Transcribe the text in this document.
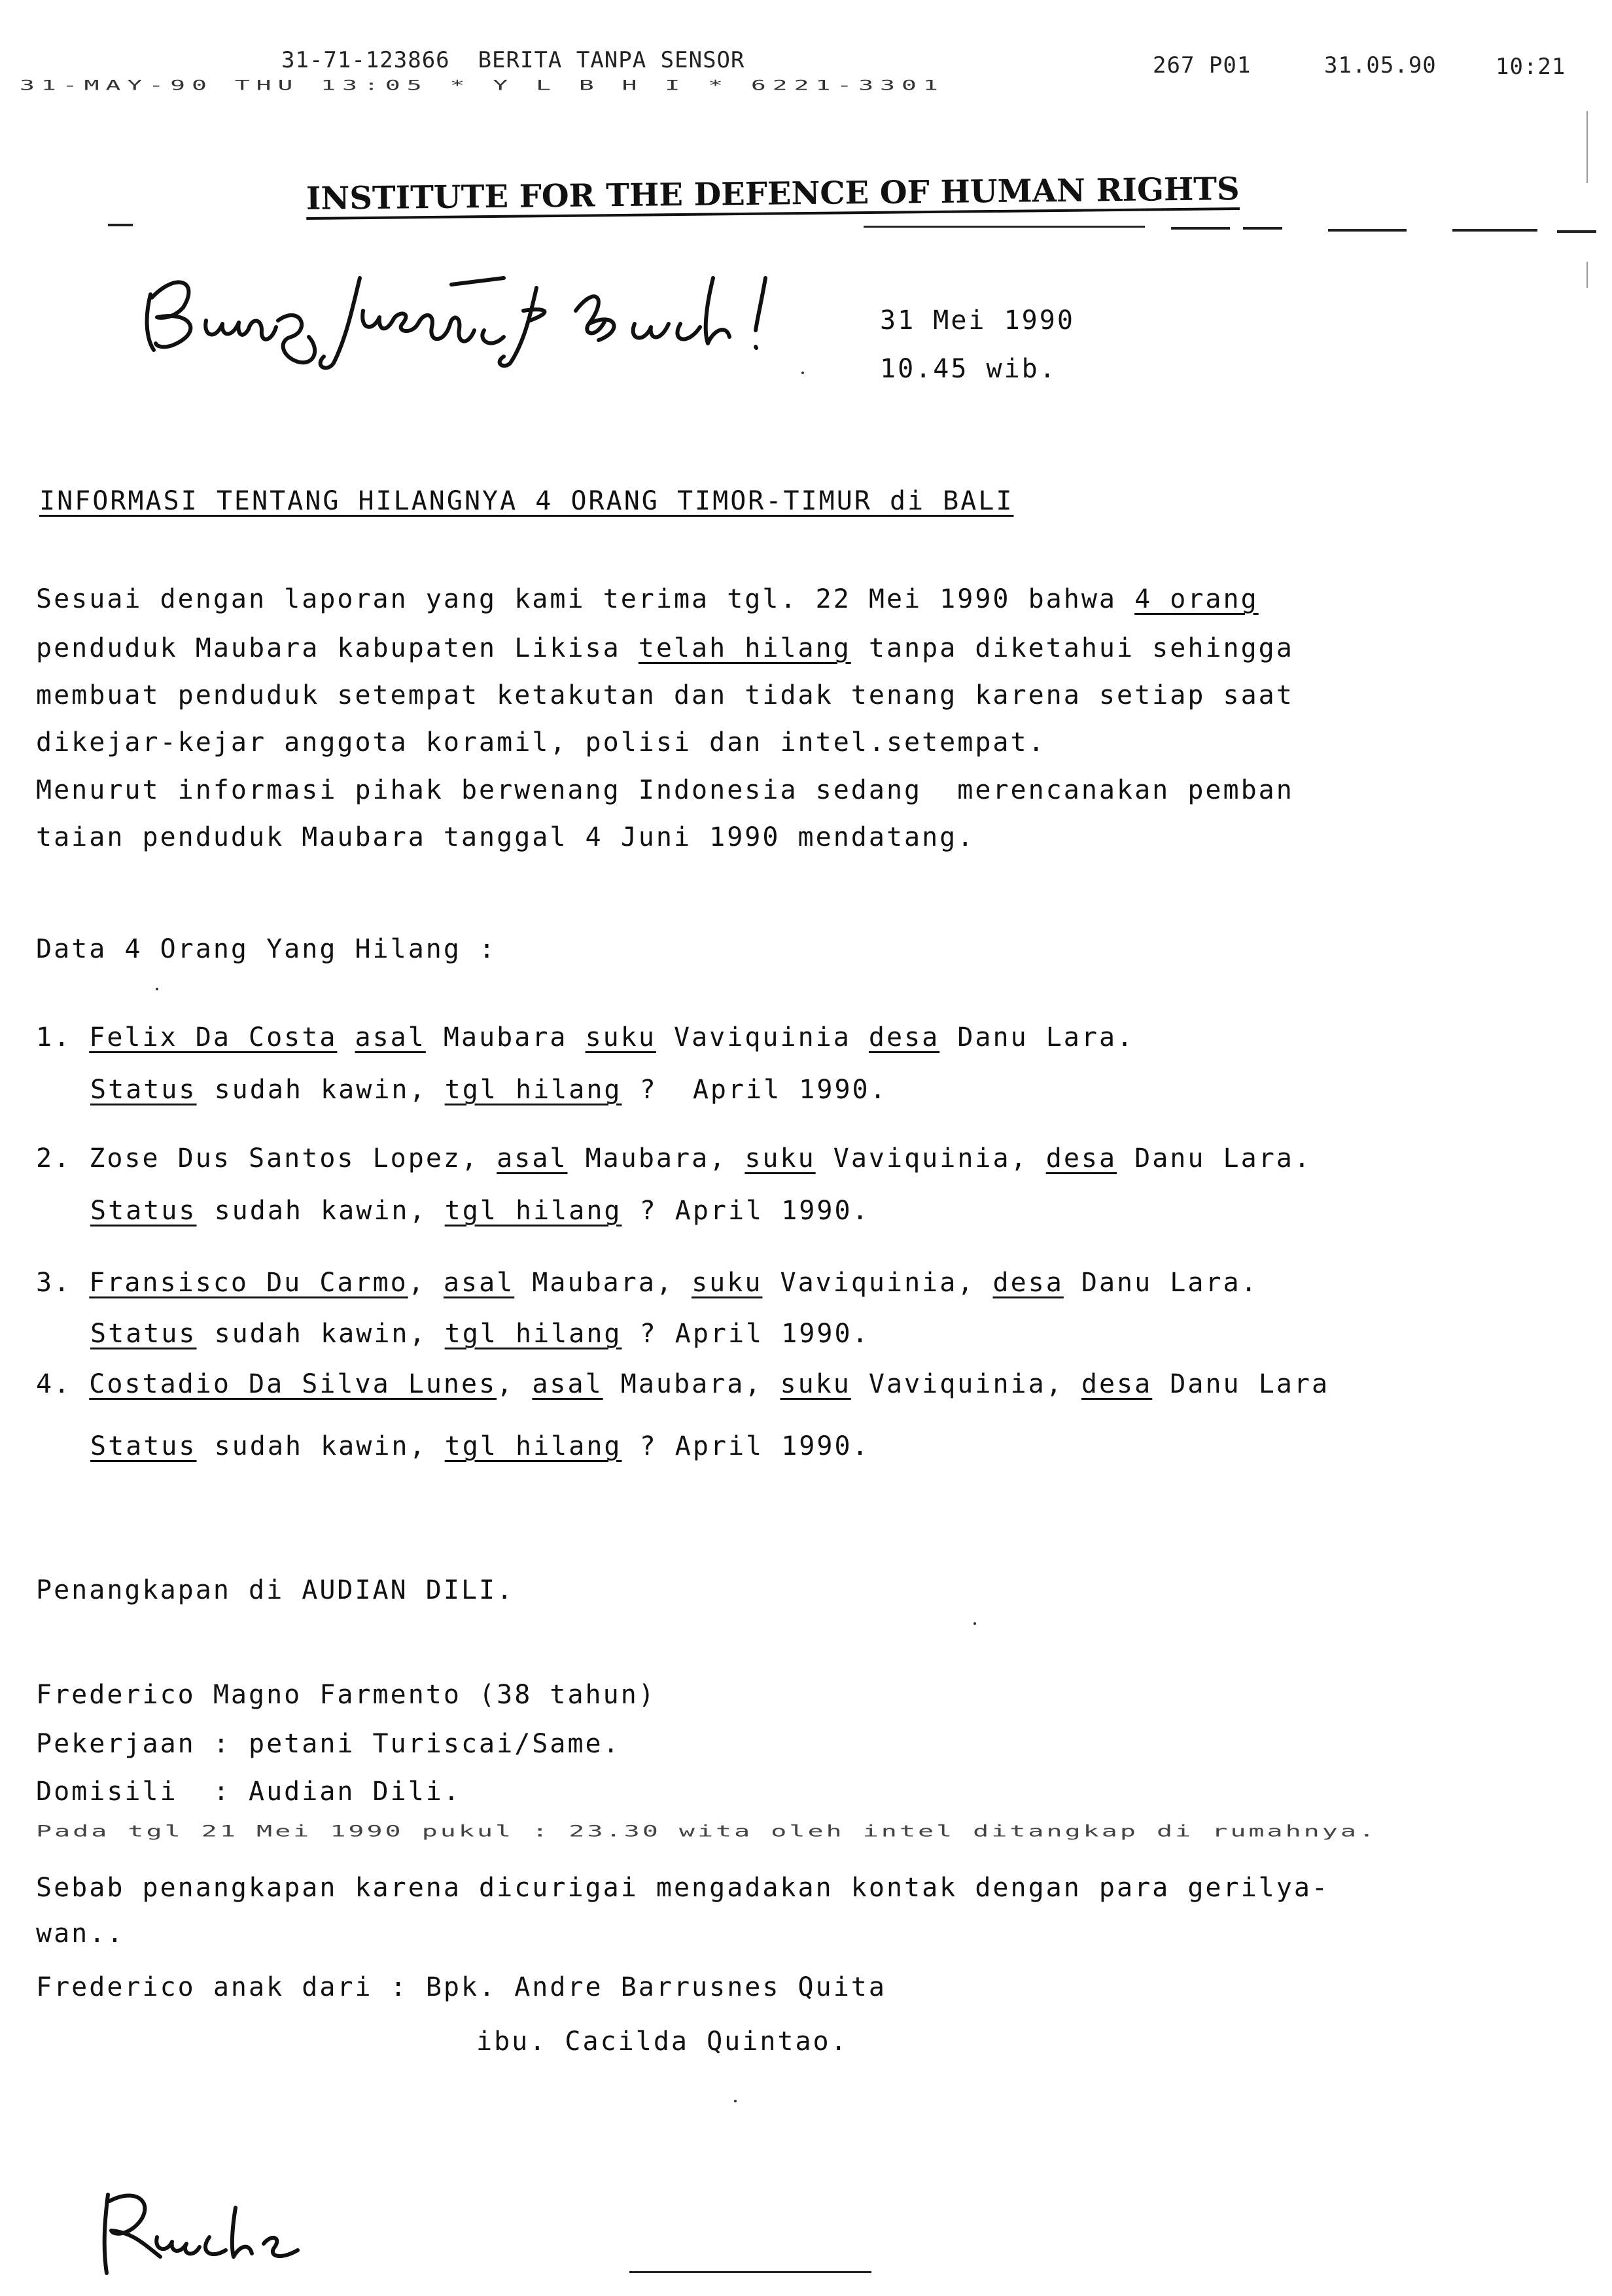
31-71-123866  BERITA TANPA SENSOR	267 P01	31.05.90	10:21
31-MAY-90 THU 13:05 * Y L B H I * 6221-3301
INSTITUTE FOR THE DEFENCE OF HUMAN RIGHTS
31 Mei 1990
10.45 wib.
INFORMASI TENTANG HILANGNYA 4 ORANG TIMOR-TIMUR di BALI
Sesuai dengan laporan yang kami terima tgl. 22 Mei 1990 bahwa 4 orang
penduduk Maubara kabupaten Likisa telah hilang tanpa diketahui sehingga
membuat penduduk setempat ketakutan dan tidak tenang karena setiap saat
dikejar-kejar anggota koramil, polisi dan intel.setempat.
Menurut informasi pihak berwenang Indonesia sedang  merencanakan pemban
taian penduduk Maubara tanggal 4 Juni 1990 mendatang.
Data 4 Orang Yang Hilang :
1. Felix Da Costa asal Maubara suku Vaviquinia desa Danu Lara.
Status sudah kawin, tgl hilang ?  April 1990.
2. Zose Dus Santos Lopez, asal Maubara, suku Vaviquinia, desa Danu Lara.
Status sudah kawin, tgl hilang ? April 1990.
3. Fransisco Du Carmo, asal Maubara, suku Vaviquinia, desa Danu Lara.
Status sudah kawin, tgl hilang ? April 1990.
4. Costadio Da Silva Lunes, asal Maubara, suku Vaviquinia, desa Danu Lara
Status sudah kawin, tgl hilang ? April 1990.
Penangkapan di AUDIAN DILI.
Frederico Magno Farmento (38 tahun)
Pekerjaan : petani Turiscai/Same.
Domisili  : Audian Dili.
Pada tgl 21 Mei 1990 pukul : 23.30 wita oleh intel ditangkap di rumahnya.
Sebab penangkapan karena dicurigai mengadakan kontak dengan para gerilya-
wan..
Frederico anak dari : Bpk. Andre Barrusnes Quita
ibu. Cacilda Quintao.
